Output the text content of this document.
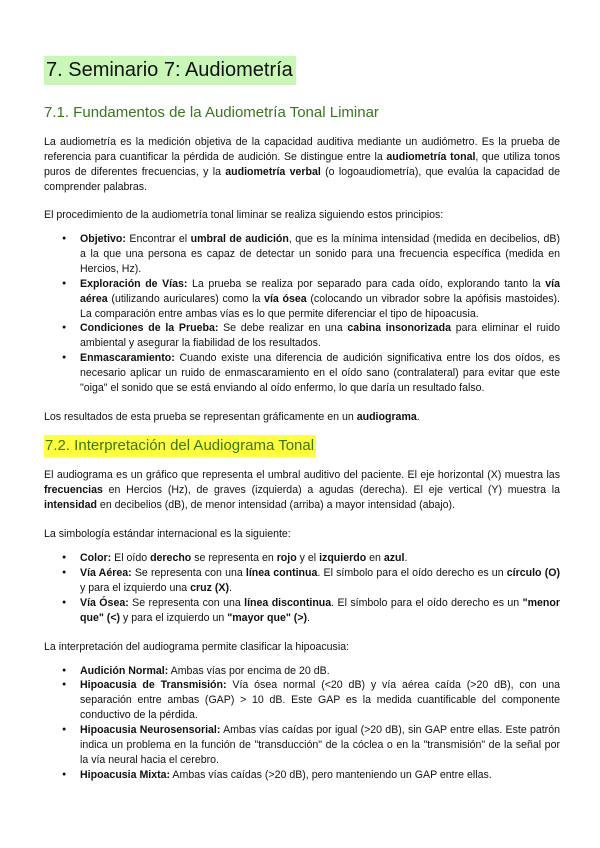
7. Seminario 7: Audiometría
7.1. Fundamentos de la Audiometría Tonal Liminar

La audiometría es la medición objetiva de la capacidad auditiva mediante un audiómetro. Es la prueba de referencia para cuantificar la pérdida de audición. Se distingue entre la audiometría tonal, que utiliza tonos puros de diferentes frecuencias, y la audiometría verbal (o logoaudiometría), que evalúa la capacidad de comprender palabras.

El procedimiento de la audiometría tonal liminar se realiza siguiendo estos principios:

● Objetivo: Encontrar el umbral de audición, que es la mínima intensidad (medida en decibelios, dB) a la que una persona es capaz de detectar un sonido para una frecuencia específica (medida en Hercios, Hz).
● Exploración de Vías: La prueba se realiza por separado para cada oído, explorando tanto la vía aérea (utilizando auriculares) como la vía ósea (colocando un vibrador sobre la apófisis mastoides). La comparación entre ambas vías es lo que permite diferenciar el tipo de hipoacusia.
● Condiciones de la Prueba: Se debe realizar en una cabina insonorizada para eliminar el ruido ambiental y asegurar la fiabilidad de los resultados.
● Enmascaramiento: Cuando existe una diferencia de audición significativa entre los dos oídos, es necesario aplicar un ruido de enmascaramiento en el oído sano (contralateral) para evitar que este "oiga" el sonido que se está enviando al oído enfermo, lo que daría un resultado falso.

Los resultados de esta prueba se representan gráficamente en un audiograma.

7.2. Interpretación del Audiograma Tonal

El audiograma es un gráfico que representa el umbral auditivo del paciente. El eje horizontal (X) muestra las frecuencias en Hercios (Hz), de graves (izquierda) a agudas (derecha). El eje vertical (Y) muestra la intensidad en decibelios (dB), de menor intensidad (arriba) a mayor intensidad (abajo).

La simbología estándar internacional es la siguiente:

● Color: El oído derecho se representa en rojo y el izquierdo en azul.
● Vía Aérea: Se representa con una línea continua. El símbolo para el oído derecho es un círculo (O) y para el izquierdo una cruz (X).
● Vía Ósea: Se representa con una línea discontinua. El símbolo para el oído derecho es un "menor que" (<) y para el izquierdo un "mayor que" (>).

La interpretación del audiograma permite clasificar la hipoacusia:

● Audición Normal: Ambas vías por encima de 20 dB.
● Hipoacusia de Transmisión: Vía ósea normal (<20 dB) y vía aérea caída (>20 dB), con una separación entre ambas (GAP) > 10 dB. Este GAP es la medida cuantificable del componente conductivo de la pérdida.
● Hipoacusia Neurosensorial: Ambas vías caídas por igual (>20 dB), sin GAP entre ellas. Este patrón indica un problema en la función de "transducción" de la cóclea o en la "transmisión" de la señal por la vía neural hacia el cerebro.
● Hipoacusia Mixta: Ambas vías caídas (>20 dB), pero manteniendo un GAP entre ellas.
